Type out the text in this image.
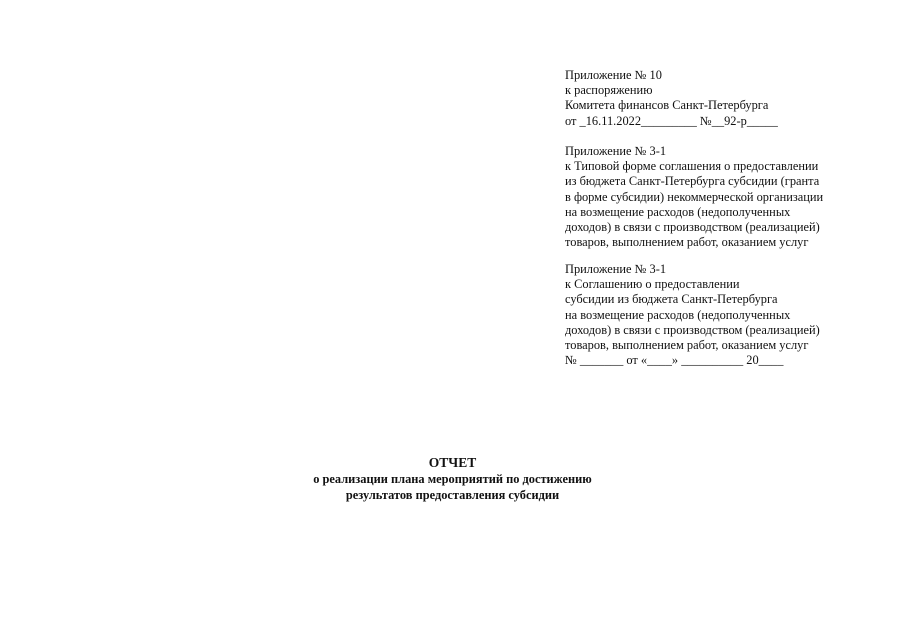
Приложение № 10
к распоряжению
Комитета финансов Санкт-Петербурга
от _16.11.2022_________ №__92-р_____
Приложение № 3-1
к Типовой форме соглашения о предоставлении
из бюджета Санкт-Петербурга субсидии (гранта
в форме субсидии) некоммерческой организации
на возмещение расходов (недополученных
доходов) в связи с производством (реализацией)
товаров, выполнением работ, оказанием услуг
Приложение № 3-1
к Соглашению о предоставлении
субсидии из бюджета Санкт-Петербурга
на возмещение расходов (недополученных
доходов) в связи с производством (реализацией)
товаров, выполнением работ, оказанием услуг
№ _______ от «____» __________ 20____
ОТЧЕТ
о реализации плана мероприятий по достижению
результатов предоставления субсидии
